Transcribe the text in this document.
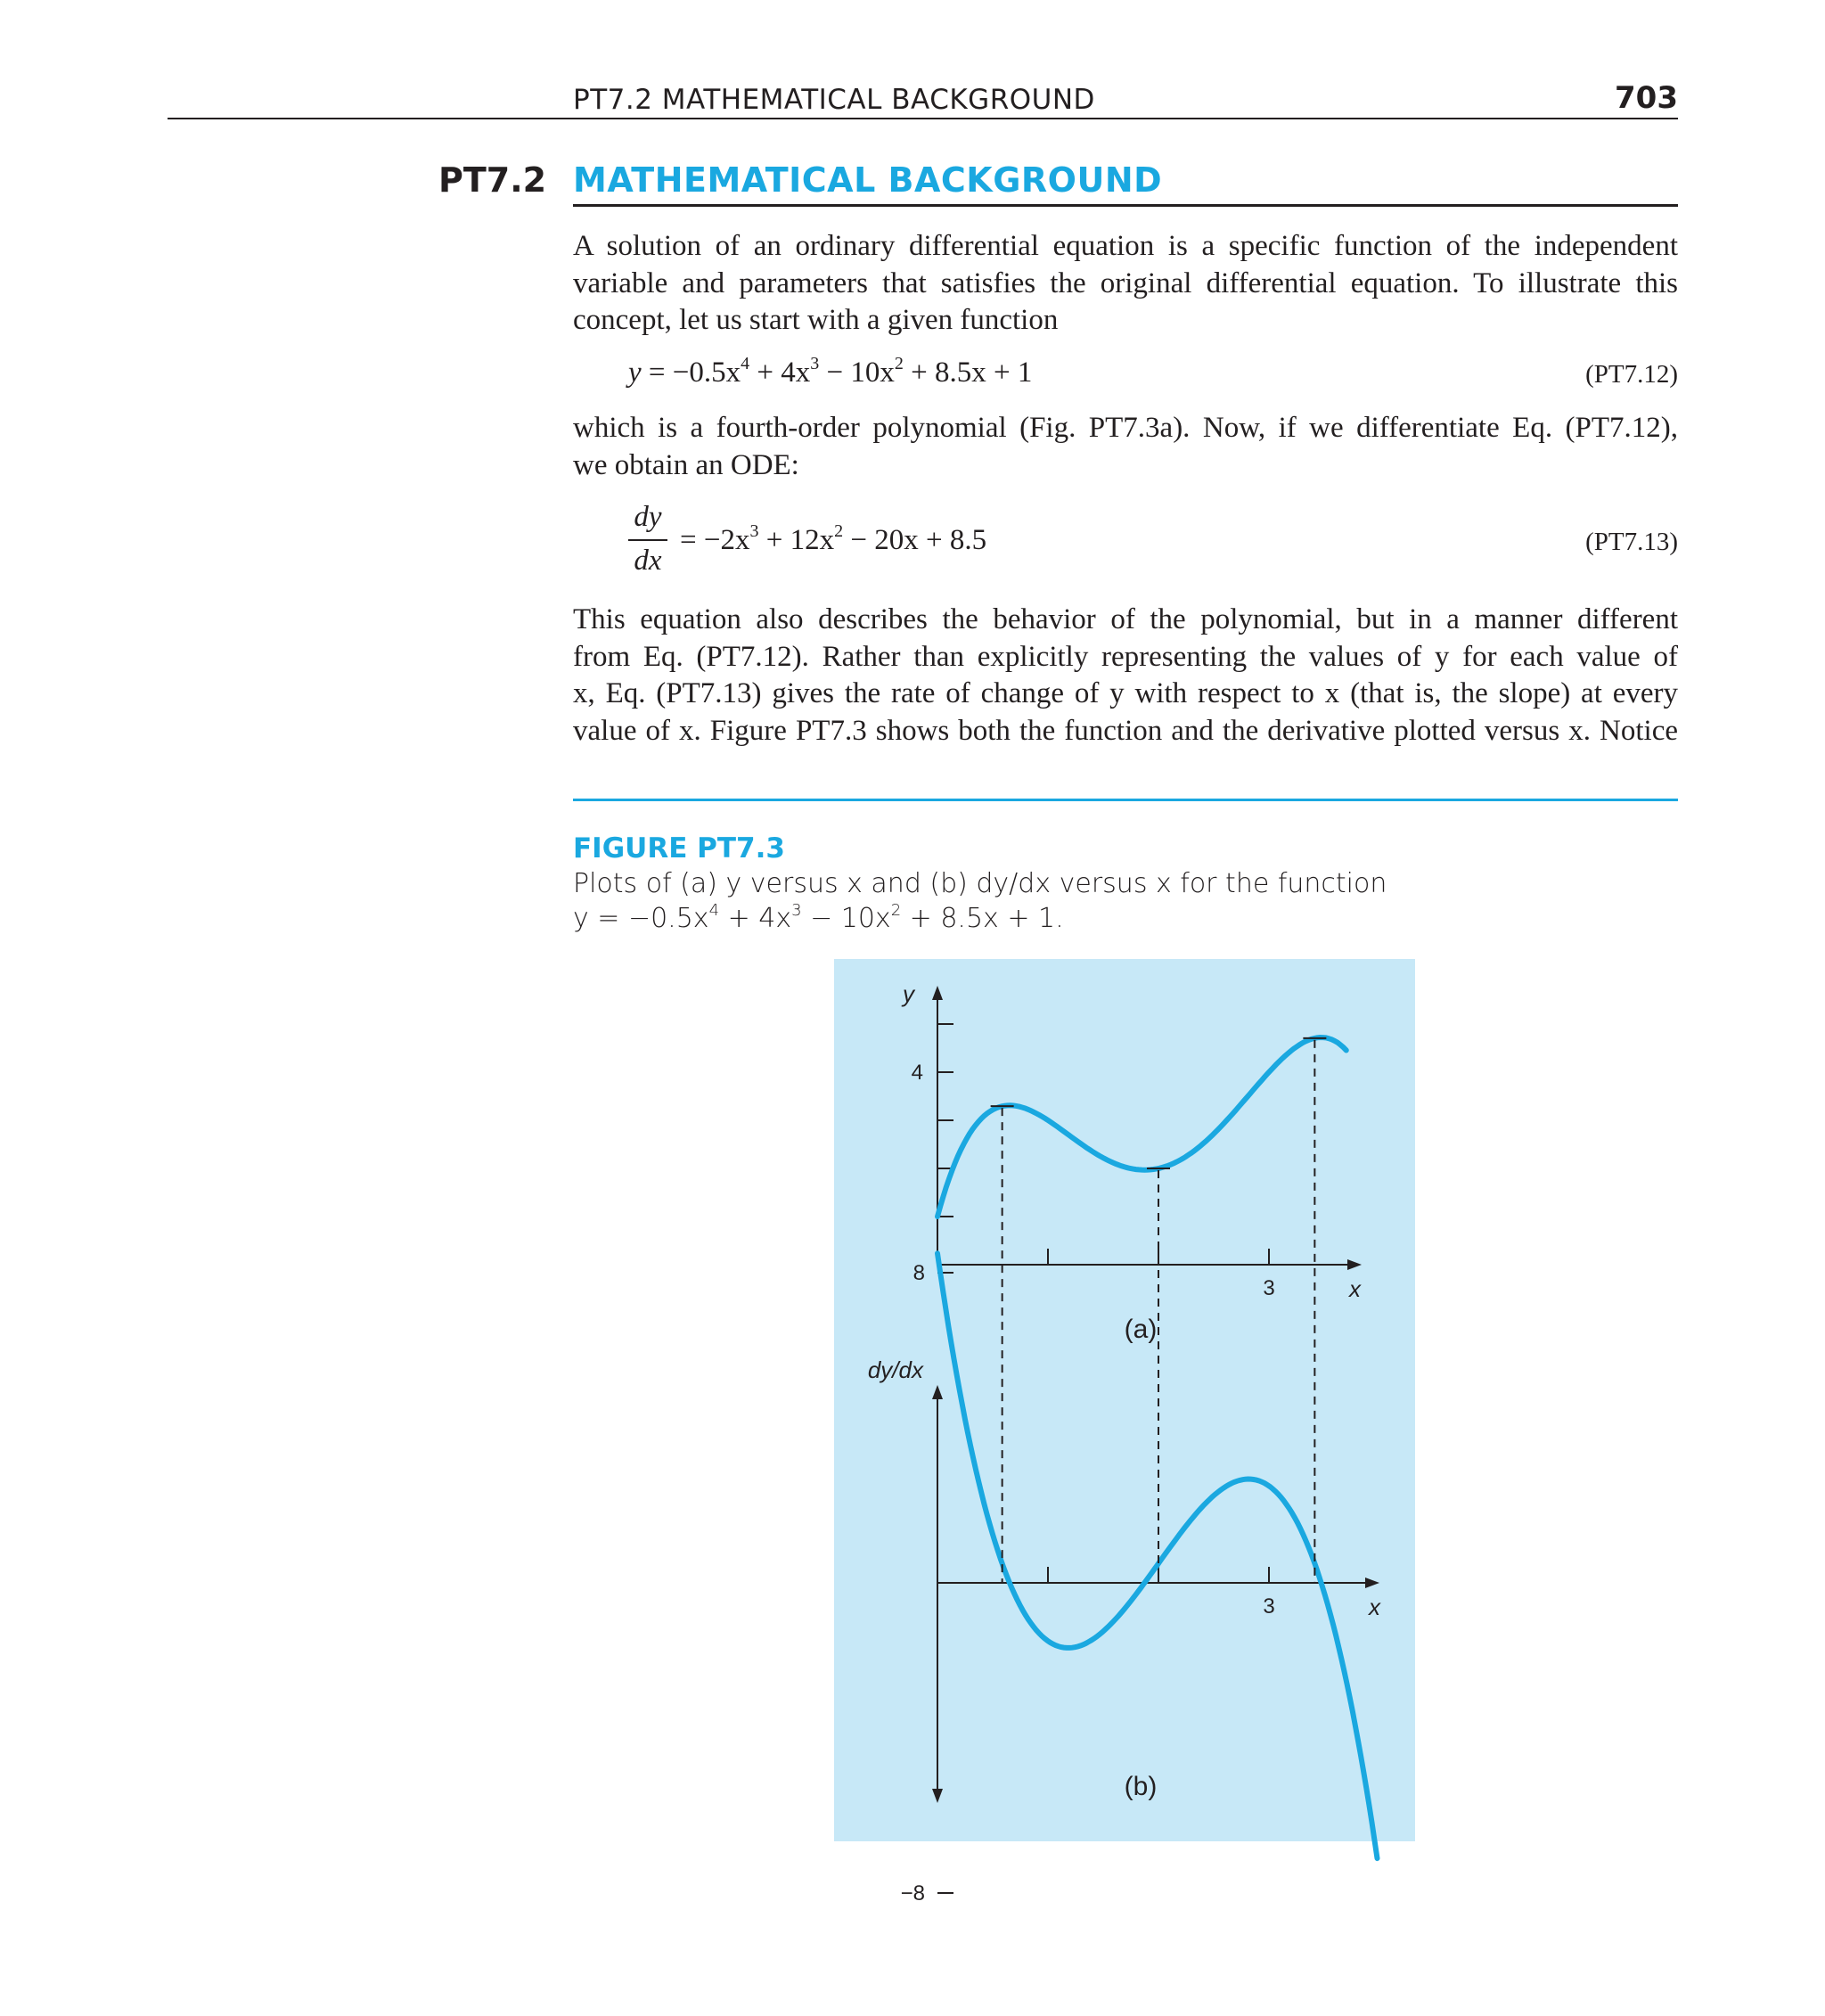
PT7.2 MATHEMATICAL BACKGROUND	703
PT7.2 MATHEMATICAL BACKGROUND
A solution of an ordinary differential equation is a specific function of the independent
variable and parameters that satisfies the original differential equation. To illustrate this
concept, let us start with a given function
$y = -0.5x^4 + 4x^3 - 10x^2 + 8.5x + 1$	(PT7.12)
which is a fourth-order polynomial (Fig. PT7.3a). Now, if we differentiate Eq. (PT7.12),
we obtain an ODE:
dy
dx
= $-2x^3 + 12x^2 - 20x + 8.5$	(PT7.13)
This equation also describes the behavior of the polynomial, but in a manner different
from Eq. (PT7.12). Rather than explicitly representing the values of y for each value of
x, Eq. (PT7.13) gives the rate of change of y with respect to x (that is, the slope) at every
value of x. Figure PT7.3 shows both the function and the derivative plotted versus x. Notice
FIGURE PT7.3
Plots of (a) y versus x and (b) dy/dx versus x for the function
$y = -0.5x^4 + 4x^3 - 10x^2 + 8.5x + 1$.
4
3
y
x
(a)
8
−8
3
dy/dx
x
(b)
